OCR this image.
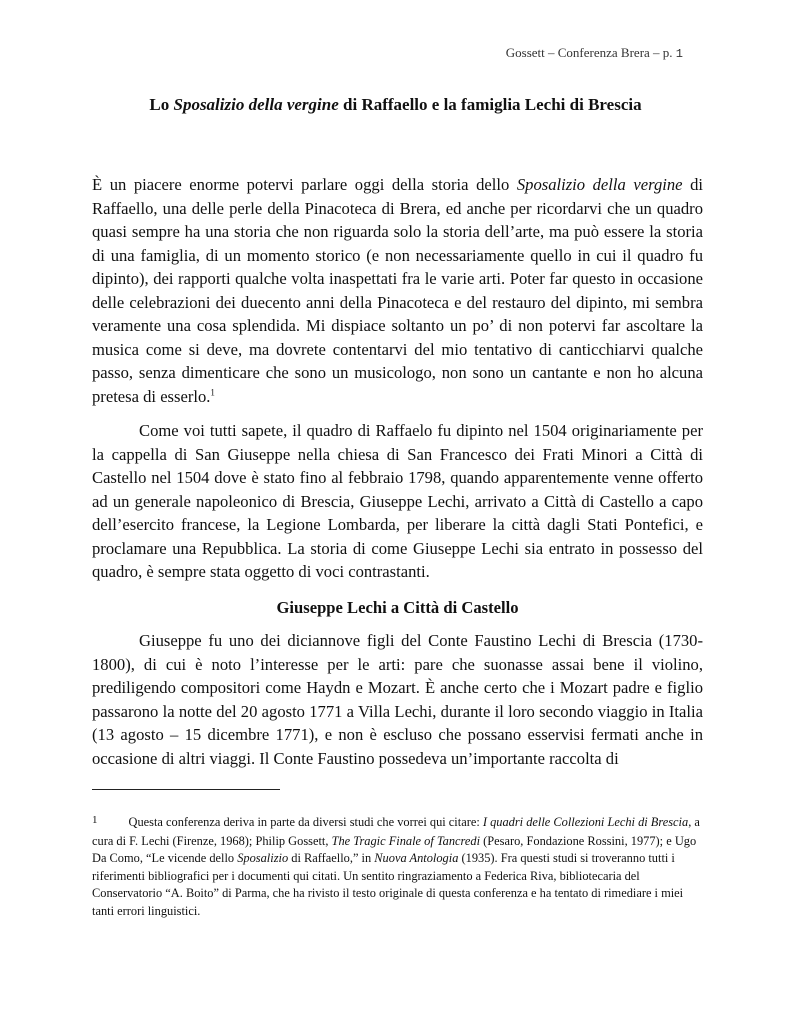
Gossett – Conferenza Brera – p. 1
Lo Sposalizio della vergine di Raffaello e la famiglia Lechi di Brescia

È un piacere enorme potervi parlare oggi della storia dello Sposalizio della vergine di Raffaello, una delle perle della Pinacoteca di Brera, ed anche per ricordarvi che un quadro quasi sempre ha una storia che non riguarda solo la storia dell’arte, ma può essere la storia di una famiglia, di un momento storico (e non necessariamente quello in cui il quadro fu dipinto), dei rapporti qualche volta inaspettati fra le varie arti. Poter far questo in occasione delle celebrazioni dei duecento anni della Pinacoteca e del restauro del dipinto, mi sembra veramente una cosa splendida. Mi dispiace soltanto un po’ di non potervi far ascoltare la musica come si deve, ma dovrete contentarvi del mio tentativo di canticchiarvi qualche passo, senza dimenticare che sono un musicologo, non sono un cantante e non ho alcuna pretesa di esserlo.$^1$

Come voi tutti sapete, il quadro di Raffaelo fu dipinto nel 1504 originariamente per la cappella di San Giuseppe nella chiesa di San Francesco dei Frati Minori a Città di Castello nel 1504 dove è stato fino al febbraio 1798, quando apparentemente venne offerto ad un generale napoleonico di Brescia, Giuseppe Lechi, arrivato a Città di Castello a capo dell’esercito francese, la Legione Lombarda, per liberare la città dagli Stati Pontefici, e proclamare una Repubblica. La storia di come Giuseppe Lechi sia entrato in possesso del quadro, è sempre stata oggetto di voci contrastanti.

Giuseppe Lechi a Città di Castello

Giuseppe fu uno dei diciannove figli del Conte Faustino Lechi di Brescia (1730-1800), di cui è noto l’interesse per le arti: pare che suonasse assai bene il violino, prediligendo compositori come Haydn e Mozart. È anche certo che i Mozart padre e figlio passarono la notte del 20 agosto 1771 a Villa Lechi, durante il loro secondo viaggio in Italia (13 agosto – 15 dicembre 1771), e non è escluso che possano esservisi fermati anche in occasione di altri viaggi. Il Conte Faustino possedeva un’importante raccolta di

1	Questa conferenza deriva in parte da diversi studi che vorrei qui citare: I quadri delle Collezioni Lechi di Brescia, a cura di F. Lechi (Firenze, 1968); Philip Gossett, The Tragic Finale of Tancredi (Pesaro, Fondazione Rossini, 1977); e Ugo Da Como, “Le vicende dello Sposalizio di Raffaello,” in Nuova Antologia (1935). Fra questi studi si troveranno tutti i riferimenti bibliografici per i documenti qui citati. Un sentito ringraziamento a Federica Riva, bibliotecaria del Conservatorio “A. Boito” di Parma, che ha rivisto il testo originale di questa conferenza e ha tentato di rimediare i miei tanti errori linguistici.
